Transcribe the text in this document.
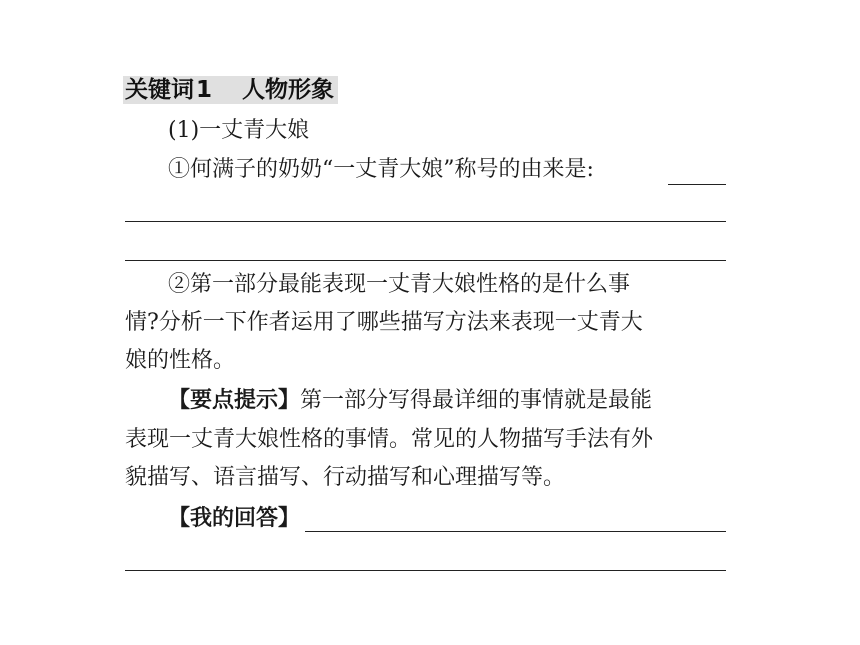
关键词1 人物形象
(1)一丈青大娘
①何满子的奶奶“一丈青大娘”称号的由来是:
②第一部分最能表现一丈青大娘性格的是什么事
情?分析一下作者运用了哪些描写方法来表现一丈青大
娘的性格。
【要点提示】第一部分写得最详细的事情就是最能
表现一丈青大娘性格的事情。常见的人物描写手法有外
貌描写、语言描写、行动描写和心理描写等。
【我的回答】
